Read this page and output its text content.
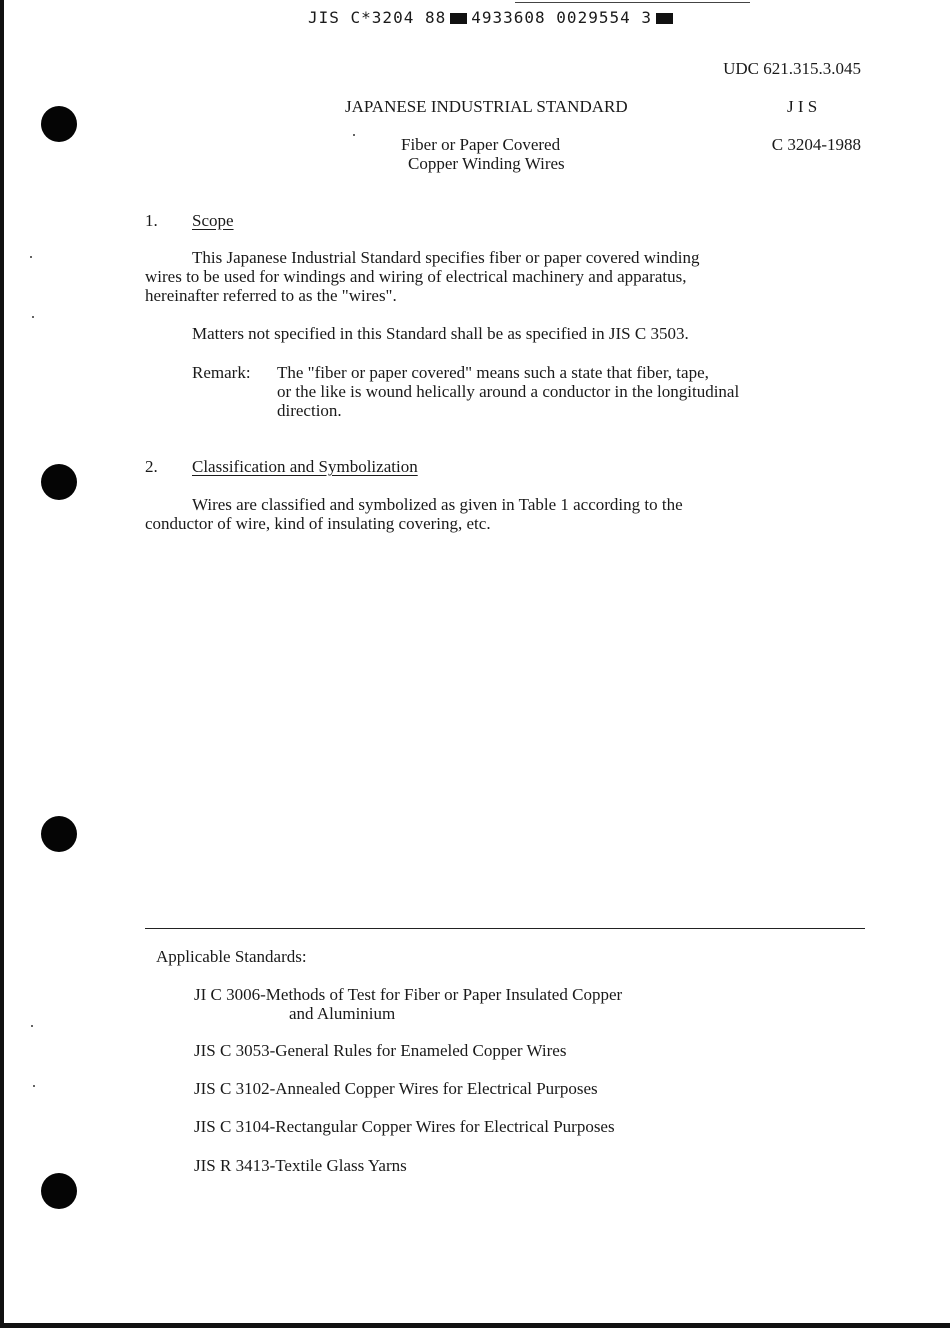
JIS C*3204 88 4933608 0029554 3
UDC 621.315.3.045
JAPANESE INDUSTRIAL STANDARD	J I S
Fiber or Paper Covered
Copper Winding Wires
C 3204-1988
1. Scope
This Japanese Industrial Standard specifies fiber or paper covered winding
wires to be used for windings and wiring of electrical machinery and apparatus,
hereinafter referred to as the "wires".
Matters not specified in this Standard shall be as specified in JIS C 3503.
Remark: The "fiber or paper covered" means such a state that fiber, tape,
or the like is wound helically around a conductor in the longitudinal
direction.
2. Classification and Symbolization
Wires are classified and symbolized as given in Table 1 according to the
conductor of wire, kind of insulating covering, etc.
Applicable Standards:
JI C 3006-Methods of Test for Fiber or Paper Insulated Copper
and Aluminium
JIS C 3053-General Rules for Enameled Copper Wires
JIS C 3102-Annealed Copper Wires for Electrical Purposes
JIS C 3104-Rectangular Copper Wires for Electrical Purposes
JIS R 3413-Textile Glass Yarns
